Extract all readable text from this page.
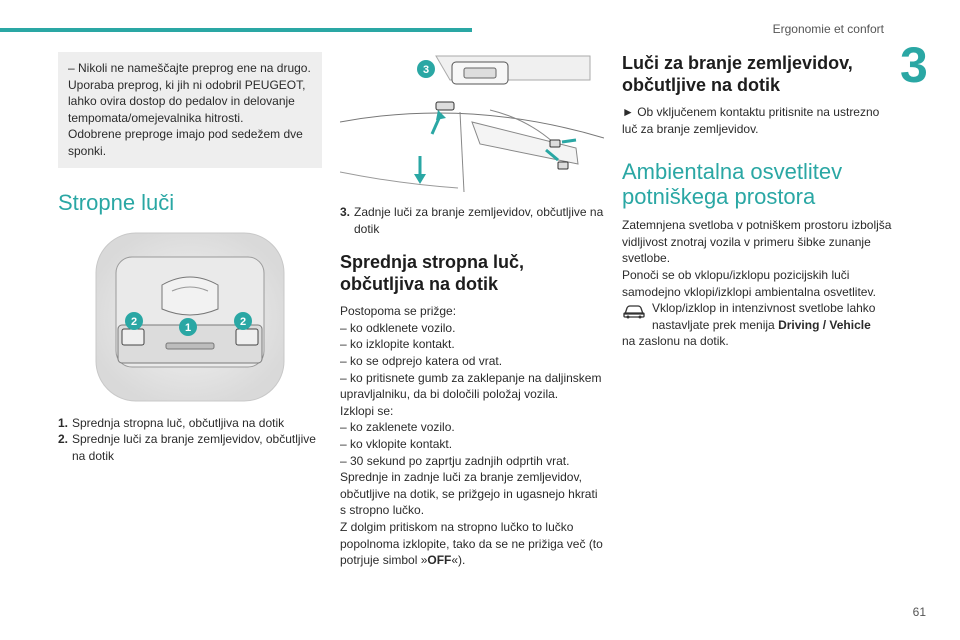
Ergonomie et confort
3

– Nikoli ne nameščajte preprog ene na drugo.

Uporaba preprog, ki jih ni odobril PEUGEOT, lahko ovira dostop do pedalov in delovanje tempomata/omejevalnika hitrosti.

Odobrene preproge imajo pod sedežem dve sponki.

Stropne luči
2	1	2
1. Sprednja stropna luč, občutljiva na dotik
2. Sprednje luči za branje zemljevidov, občutljive na dotik
3
3. Zadnje luči za branje zemljevidov, občutljive na dotik
Sprednja stropna luč, občutljiva na dotik
Postopoma se prižge:
– ko odklenete vozilo.
– ko izklopite kontakt.
– ko se odprejo katera od vrat.
– ko pritisnete gumb za zaklepanje na daljinskem upravljalniku, da bi določili položaj vozila.
Izklopi se:
– ko zaklenete vozilo.
– ko vklopite kontakt.
– 30 sekund po zaprtju zadnjih odprtih vrat.
Sprednje in zadnje luči za branje zemljevidov, občutljive na dotik, se prižgejo in ugasnejo hkrati s stropno lučko.
Z dolgim pritiskom na stropno lučko to lučko popolnoma izklopite, tako da se ne prižiga več (to potrjuje simbol »OFF«).
Luči za branje zemljevidov, občutljive na dotik

► Ob vključenem kontaktu pritisnite na ustrezno luč za branje zemljevidov.

Ambientalna osvetlitev potniškega prostora

Zatemnjena svetloba v potniškem prostoru izboljša vidljivost znotraj vozila v primeru šibke zunanje svetlobe.

Ponoči se ob vklopu/izklopu pozicijskih luči samodejno vklopi/izklopi ambientalna osvetlitev.

Vklop/izklop in intenzivnost svetlobe lahko nastavljate prek menija Driving / Vehicle
na zaslonu na dotik.
61
